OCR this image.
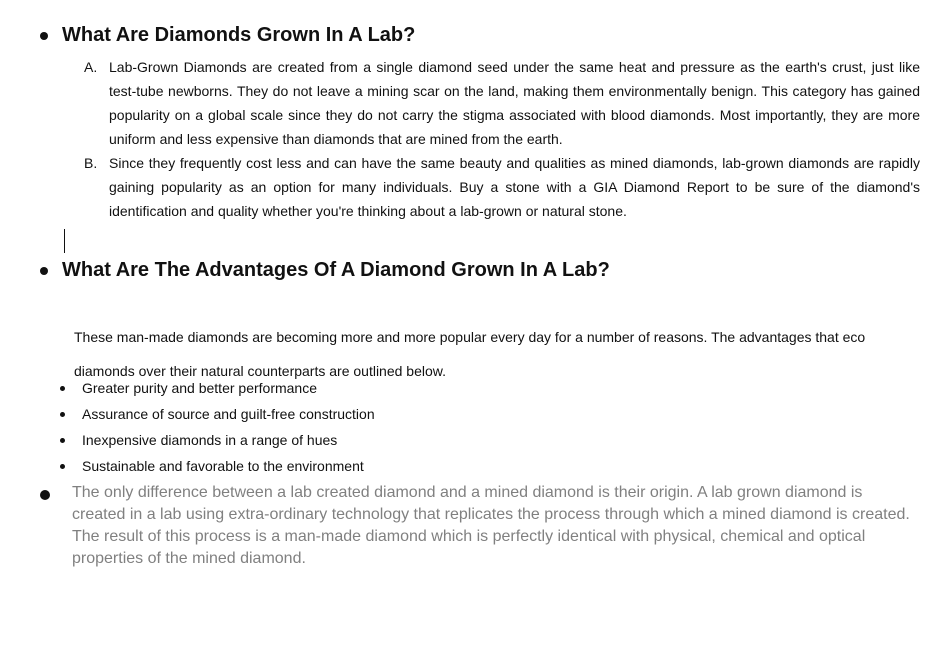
What Are Diamonds Grown In A Lab?
A. Lab-Grown Diamonds are created from a single diamond seed under the same heat and pressure as the earth's crust, just like test-tube newborns. They do not leave a mining scar on the land, making them environmentally benign. This category has gained popularity on a global scale since they do not carry the stigma associated with blood diamonds. Most importantly, they are more uniform and less expensive than diamonds that are mined from the earth.
B. Since they frequently cost less and can have the same beauty and qualities as mined diamonds, lab-grown diamonds are rapidly gaining popularity as an option for many individuals. Buy a stone with a GIA Diamond Report to be sure of the diamond's identification and quality whether you're thinking about a lab-grown or natural stone.
What Are The Advantages Of A Diamond Grown In A Lab?

These man-made diamonds are becoming more and more popular every day for a number of reasons. The advantages that eco diamonds over their natural counterparts are outlined below.

Greater purity and better performance
Assurance of source and guilt-free construction
Inexpensive diamonds in a range of hues
Sustainable and favorable to the environment
The only difference between a lab created diamond and a mined diamond is their origin. A lab grown diamond is created in a lab using extra-ordinary technology that replicates the process through which a mined diamond is created. The result of this process is a man-made diamond which is perfectly identical with physical, chemical and optical properties of the mined diamond.
